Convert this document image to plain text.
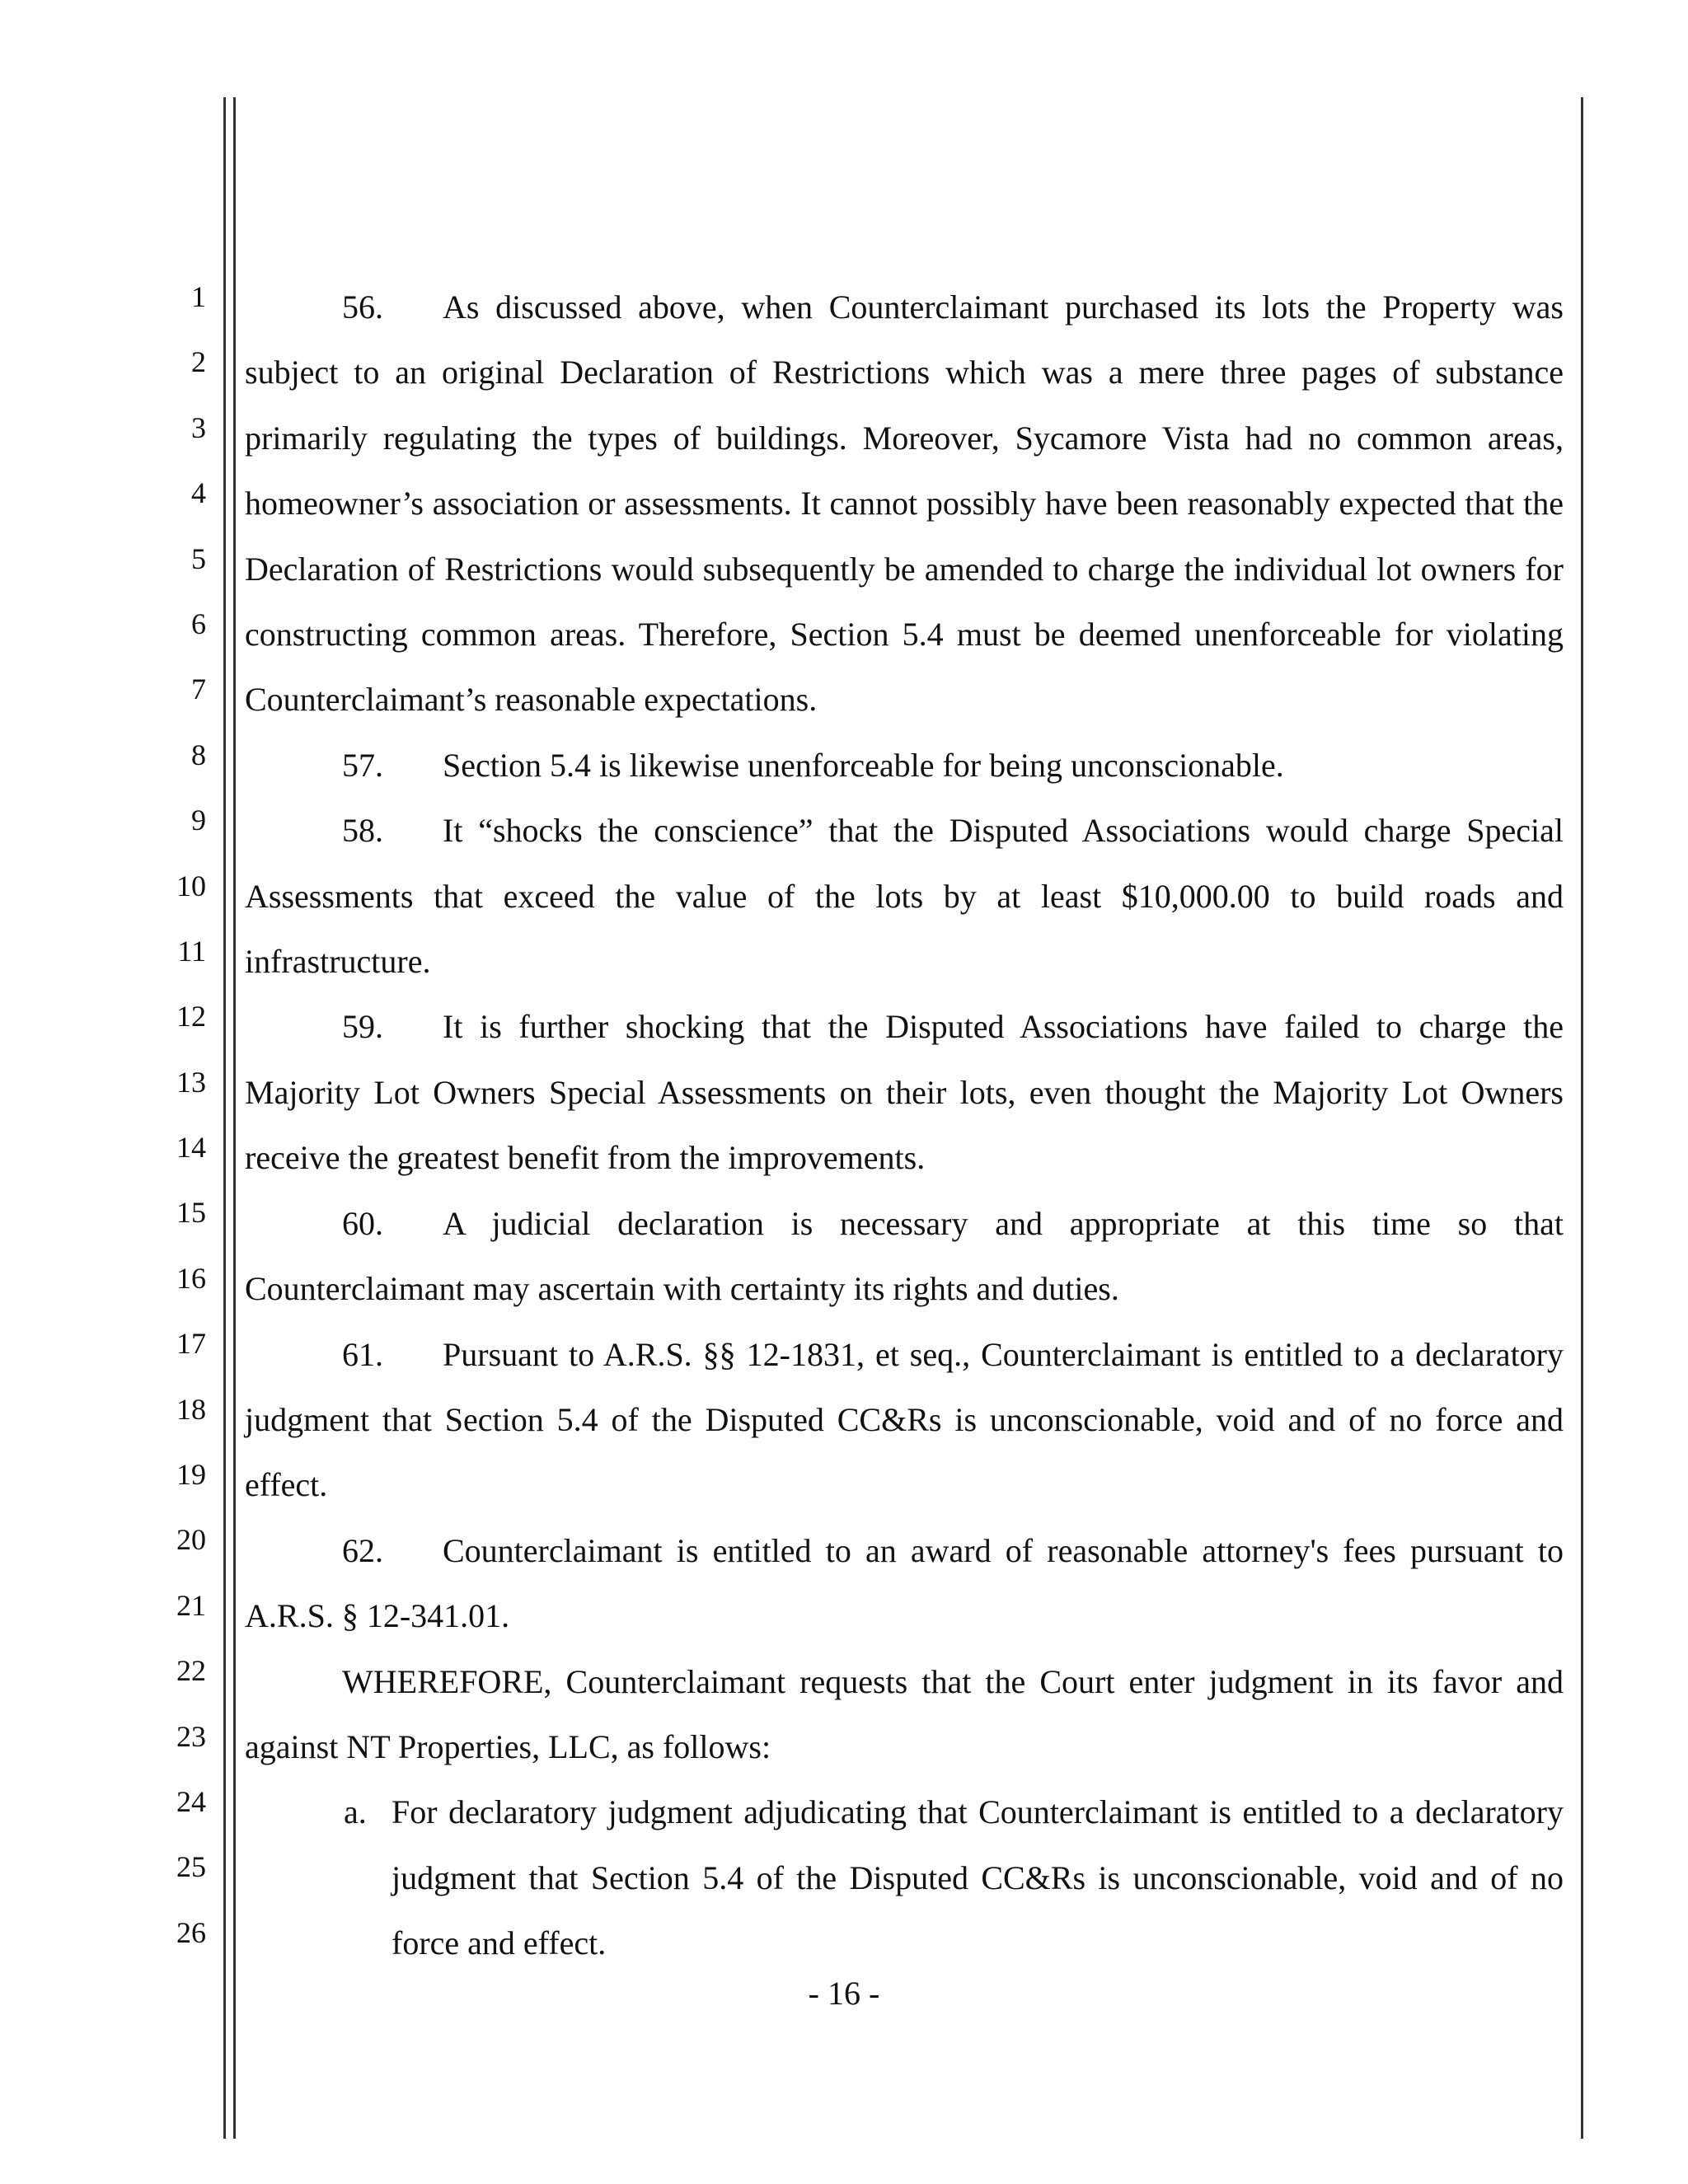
1
2
3
4
5
6
7
8
9
10
11
12
13
14
15
16
17
18
19
20
21
22
23
24
25
26

56. As discussed above, when Counterclaimant purchased its lots the Property was subject to an original Declaration of Restrictions which was a mere three pages of substance primarily regulating the types of buildings. Moreover, Sycamore Vista had no common areas, homeowner’s association or assessments. It cannot possibly have been reasonably expected that the Declaration of Restrictions would subsequently be amended to charge the individual lot owners for constructing common areas. Therefore, Section 5.4 must be deemed unenforceable for violating Counterclaimant’s reasonable expectations.

57. Section 5.4 is likewise unenforceable for being unconscionable.

58. It “shocks the conscience” that the Disputed Associations would charge Special Assessments that exceed the value of the lots by at least $10,000.00 to build roads and infrastructure.

59. It is further shocking that the Disputed Associations have failed to charge the Majority Lot Owners Special Assessments on their lots, even thought the Majority Lot Owners receive the greatest benefit from the improvements.

60. A judicial declaration is necessary and appropriate at this time so that Counterclaimant may ascertain with certainty its rights and duties.

61. Pursuant to A.R.S. §§ 12-1831, et seq., Counterclaimant is entitled to a declaratory judgment that Section 5.4 of the Disputed CC&Rs is unconscionable, void and of no force and effect.

62. Counterclaimant is entitled to an award of reasonable attorney's fees pursuant to A.R.S. § 12-341.01.

WHEREFORE, Counterclaimant requests that the Court enter judgment in its favor and against NT Properties, LLC, as follows:

a. For declaratory judgment adjudicating that Counterclaimant is entitled to a declaratory judgment that Section 5.4 of the Disputed CC&Rs is unconscionable, void and of no force and effect.
- 16 -
